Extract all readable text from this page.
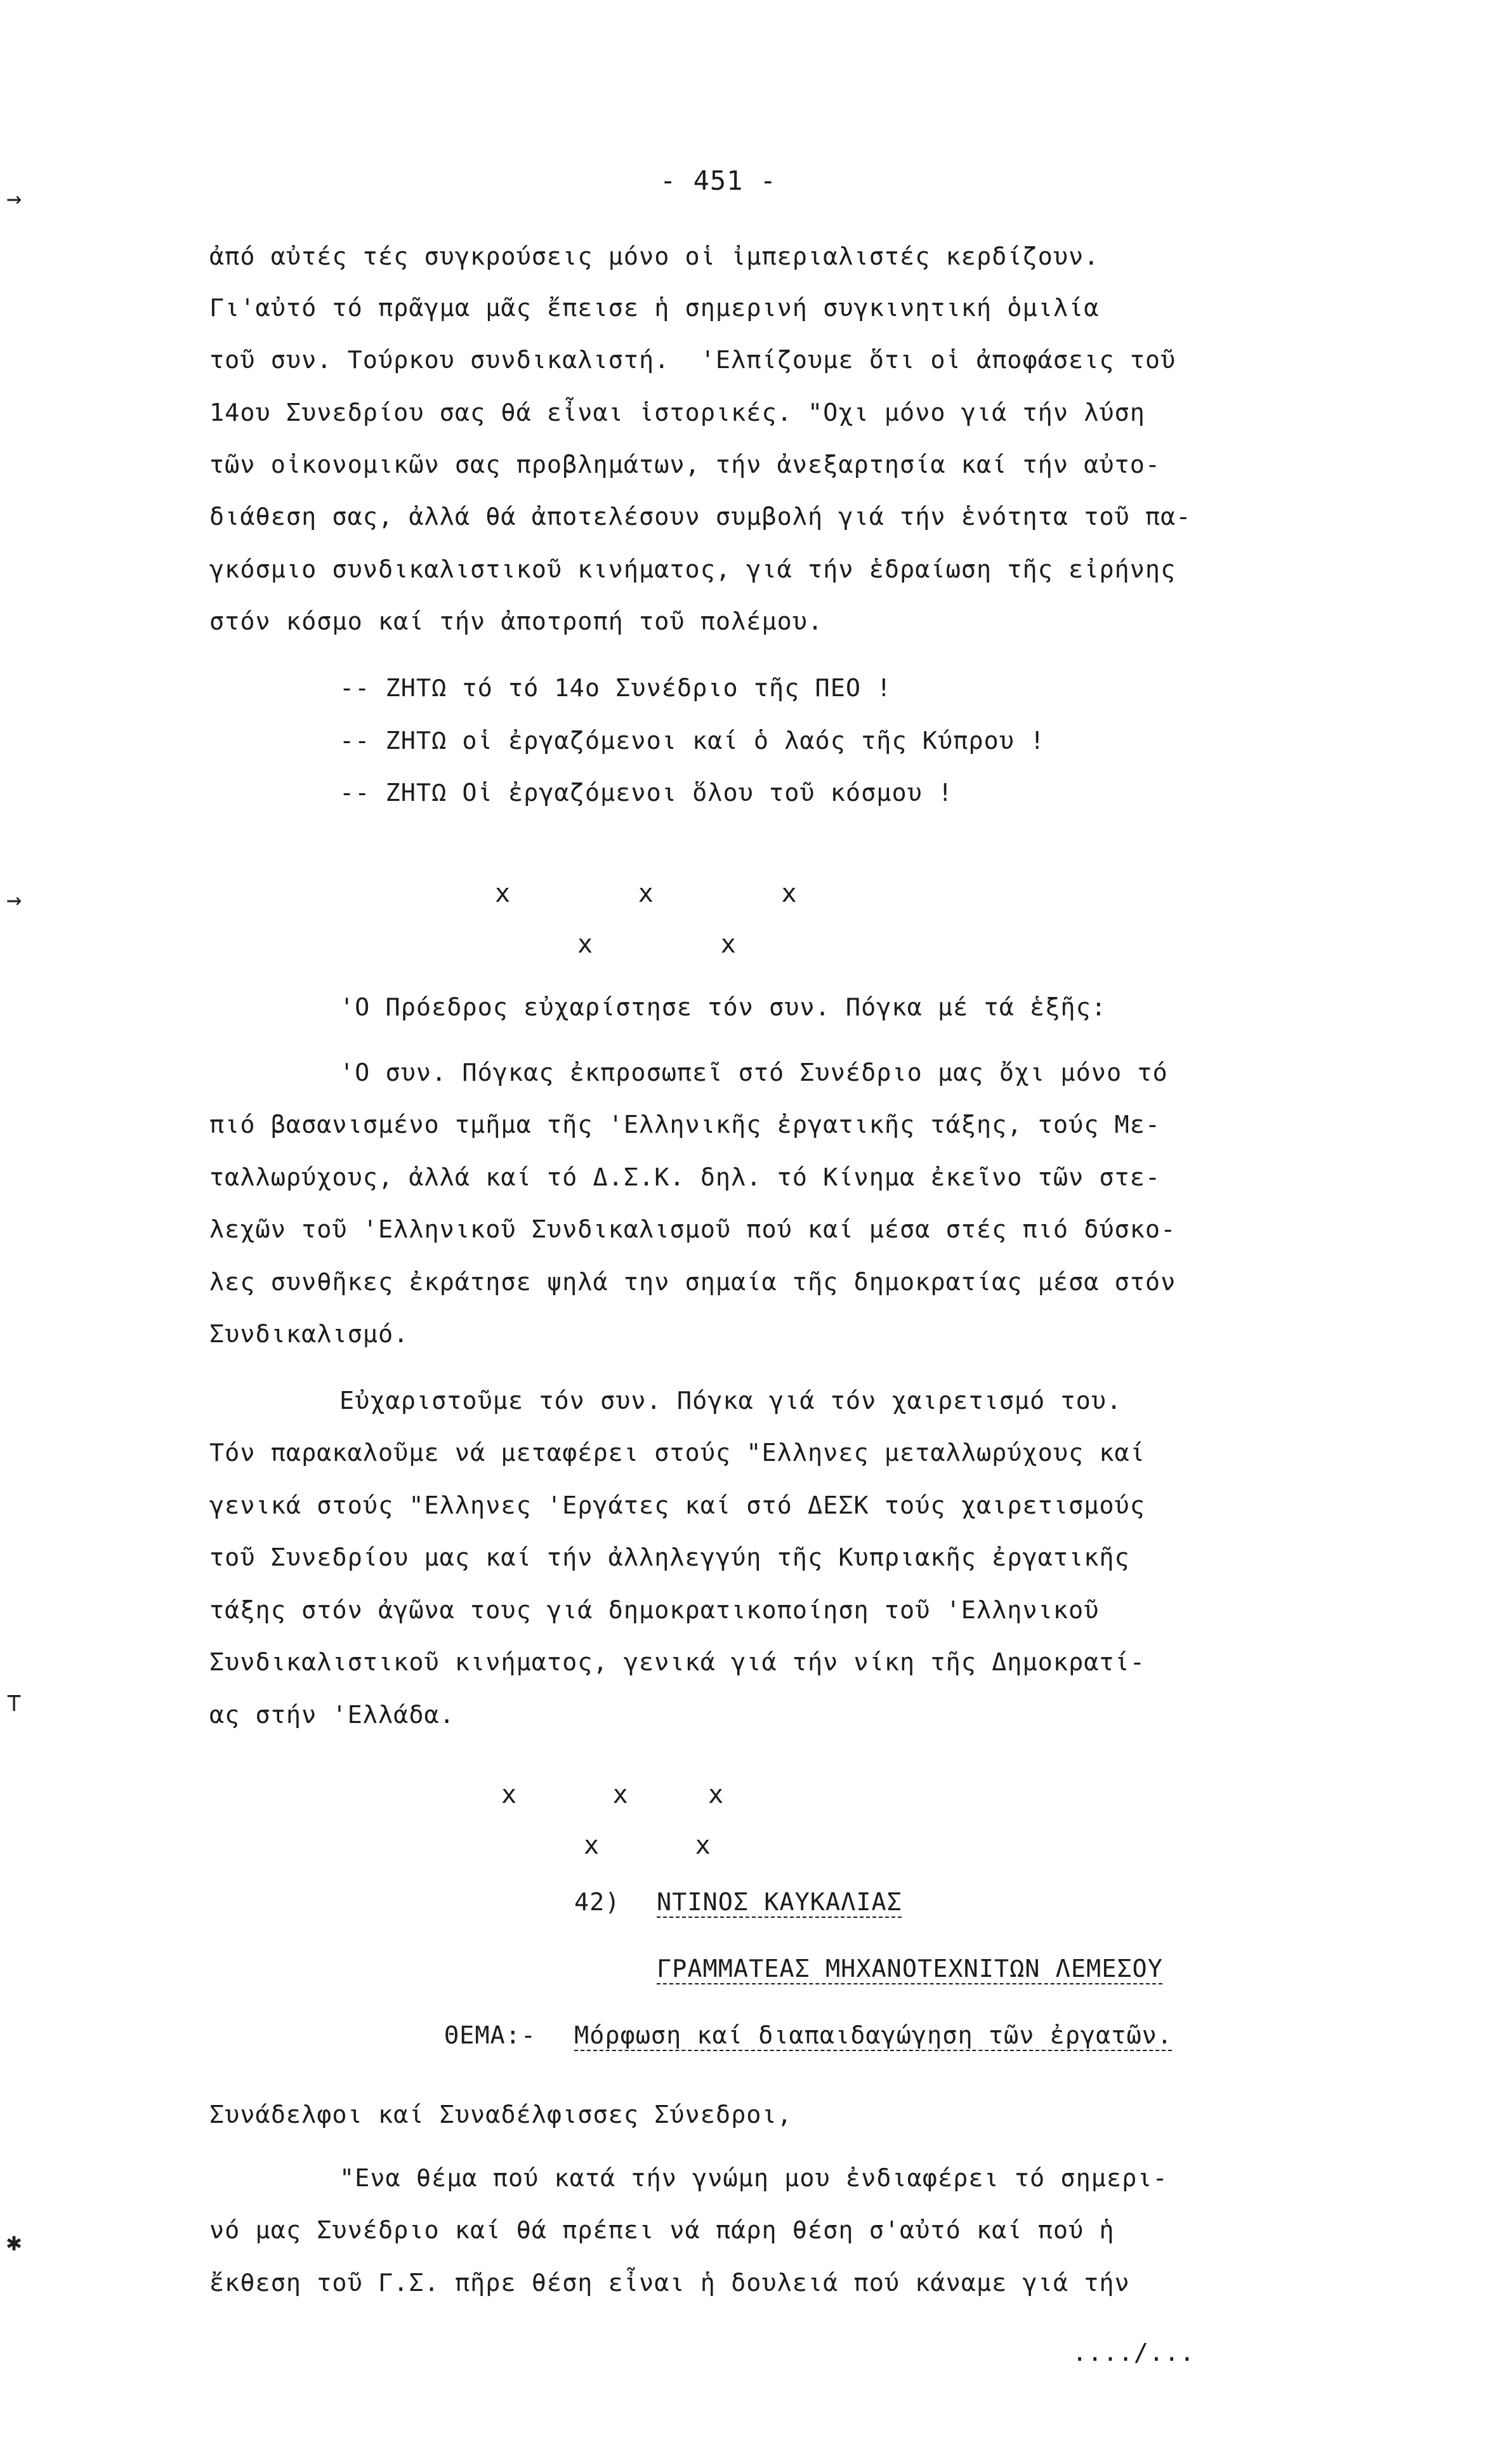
- 451 -
ἀπό αὐτές τές συγκρούσεις μόνο οἱ ἰμπεριαλιστές κερδίζουν.
Γι'αὐτό τό πρᾶγμα μᾶς ἔπεισε ἡ σημερινή συγκινητική ὁμιλία
τοῦ συν. Τούρκου συνδικαλιστή.  'Ελπίζουμε ὅτι οἱ ἀποφάσεις τοῦ
14ου Συνεδρίου σας θά εἶναι ἱστορικές. "Οχι μόνο γιά τήν λύση
τῶν οἰκονομικῶν σας προβλημάτων, τήν ἀνεξαρτησία καί τήν αὐτο-
διάθεση σας, ἀλλά θά ἀποτελέσουν συμβολή γιά τήν ἑνότητα τοῦ πα-
γκόσμιο συνδικαλιστικοῦ κινήματος, γιά τήν ἑδραίωση τῆς εἰρήνης
στόν κόσμο καί τήν ἀποτροπή τοῦ πολέμου.
-- ΖΗΤΩ τό τό 14ο Συνέδριο τῆς ΠΕΟ !
-- ΖΗΤΩ οἱ ἐργαζόμενοι καί ὁ λαός τῆς Κύπρου !
-- ΖΗΤΩ Οἱ ἐργαζόμενοι ὅλου τοῦ κόσμου !
x        x        x
x        x
'Ο Πρόεδρος εὐχαρίστησε τόν συν. Πόγκα μέ τά ἑξῆς:
'Ο συν. Πόγκας ἐκπροσωπεῖ στό Συνέδριο μας ὄχι μόνο τό
πιό βασανισμένο τμῆμα τῆς 'Ελληνικῆς ἐργατικῆς τάξης, τούς Με-
ταλλωρύχους, ἀλλά καί τό Δ.Σ.Κ. δηλ. τό Κίνημα ἐκεῖνο τῶν στε-
λεχῶν τοῦ 'Ελληνικοῦ Συνδικαλισμοῦ πού καί μέσα στές πιό δύσκο-
λες συνθῆκες ἐκράτησε ψηλά την σημαία τῆς δημοκρατίας μέσα στόν
Συνδικαλισμό.
Εὐχαριστοῦμε τόν συν. Πόγκα γιά τόν χαιρετισμό του.
Τόν παρακαλοῦμε νά μεταφέρει στούς "Ελληνες μεταλλωρύχους καί
γενικά στούς "Ελληνες 'Εργάτες καί στό ΔΕΣΚ τούς χαιρετισμούς
τοῦ Συνεδρίου μας καί τήν ἀλληλεγγύη τῆς Κυπριακῆς ἐργατικῆς
τάξης στόν ἀγῶνα τους γιά δημοκρατικοποίηση τοῦ 'Ελληνικοῦ
Συνδικαλιστικοῦ κινήματος, γενικά γιά τήν νίκη τῆς Δημοκρατί-
ας στήν 'Ελλάδα.
x      x     x
x      x
42) ΝΤΙΝΟΣ ΚΑΥΚΑΛΙΑΣ
ΓΡΑΜΜΑΤΕΑΣ ΜΗΧΑΝΟΤΕΧΝΙΤΩΝ ΛΕΜΕΣΟΥ
ΘΕΜΑ:- Μόρφωση καί διαπαιδαγώγηση τῶν ἐργατῶν.
Συνάδελφοι καί Συναδέλφισσες Σύνεδροι,
"Ενα θέμα πού κατά τήν γνώμη μου ἐνδιαφέρει τό σημερι-
νό μας Συνέδριο καί θά πρέπει νά πάρη θέση σ'αὐτό καί πού ἡ
ἔκθεση τοῦ Γ.Σ. πῆρε θέση εἶναι ἡ δουλειά πού κάναμε γιά τήν
..../...
→
→
⊤
✱
